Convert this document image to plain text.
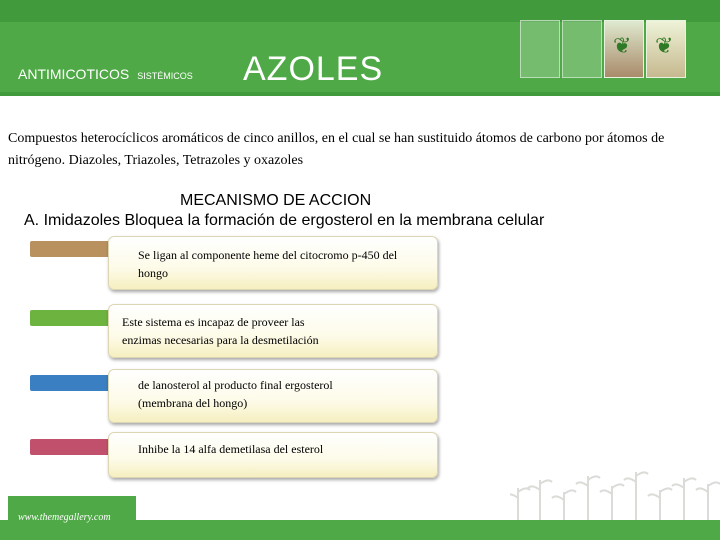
ANTIMICOTICOS SISTÉMICOS AZOLES
❦ ❦
Compuestos heterocíclicos aromáticos de cinco anillos, en el cual se han sustituido átomos de carbono por átomos de
nitrógeno. Diazoles, Triazoles, Tetrazoles y oxazoles
MECANISMO DE ACCION
A. Imidazoles Bloquea la formación de ergosterol en la membrana celular
Se ligan al componente heme del citocromo p-450 del
hongo
Este sistema es incapaz de proveer las
enzimas necesarias para la desmetilación
de lanosterol al producto final ergosterol
(membrana del hongo)
Inhibe la 14 alfa demetilasa del esterol
www.themegallery.com
